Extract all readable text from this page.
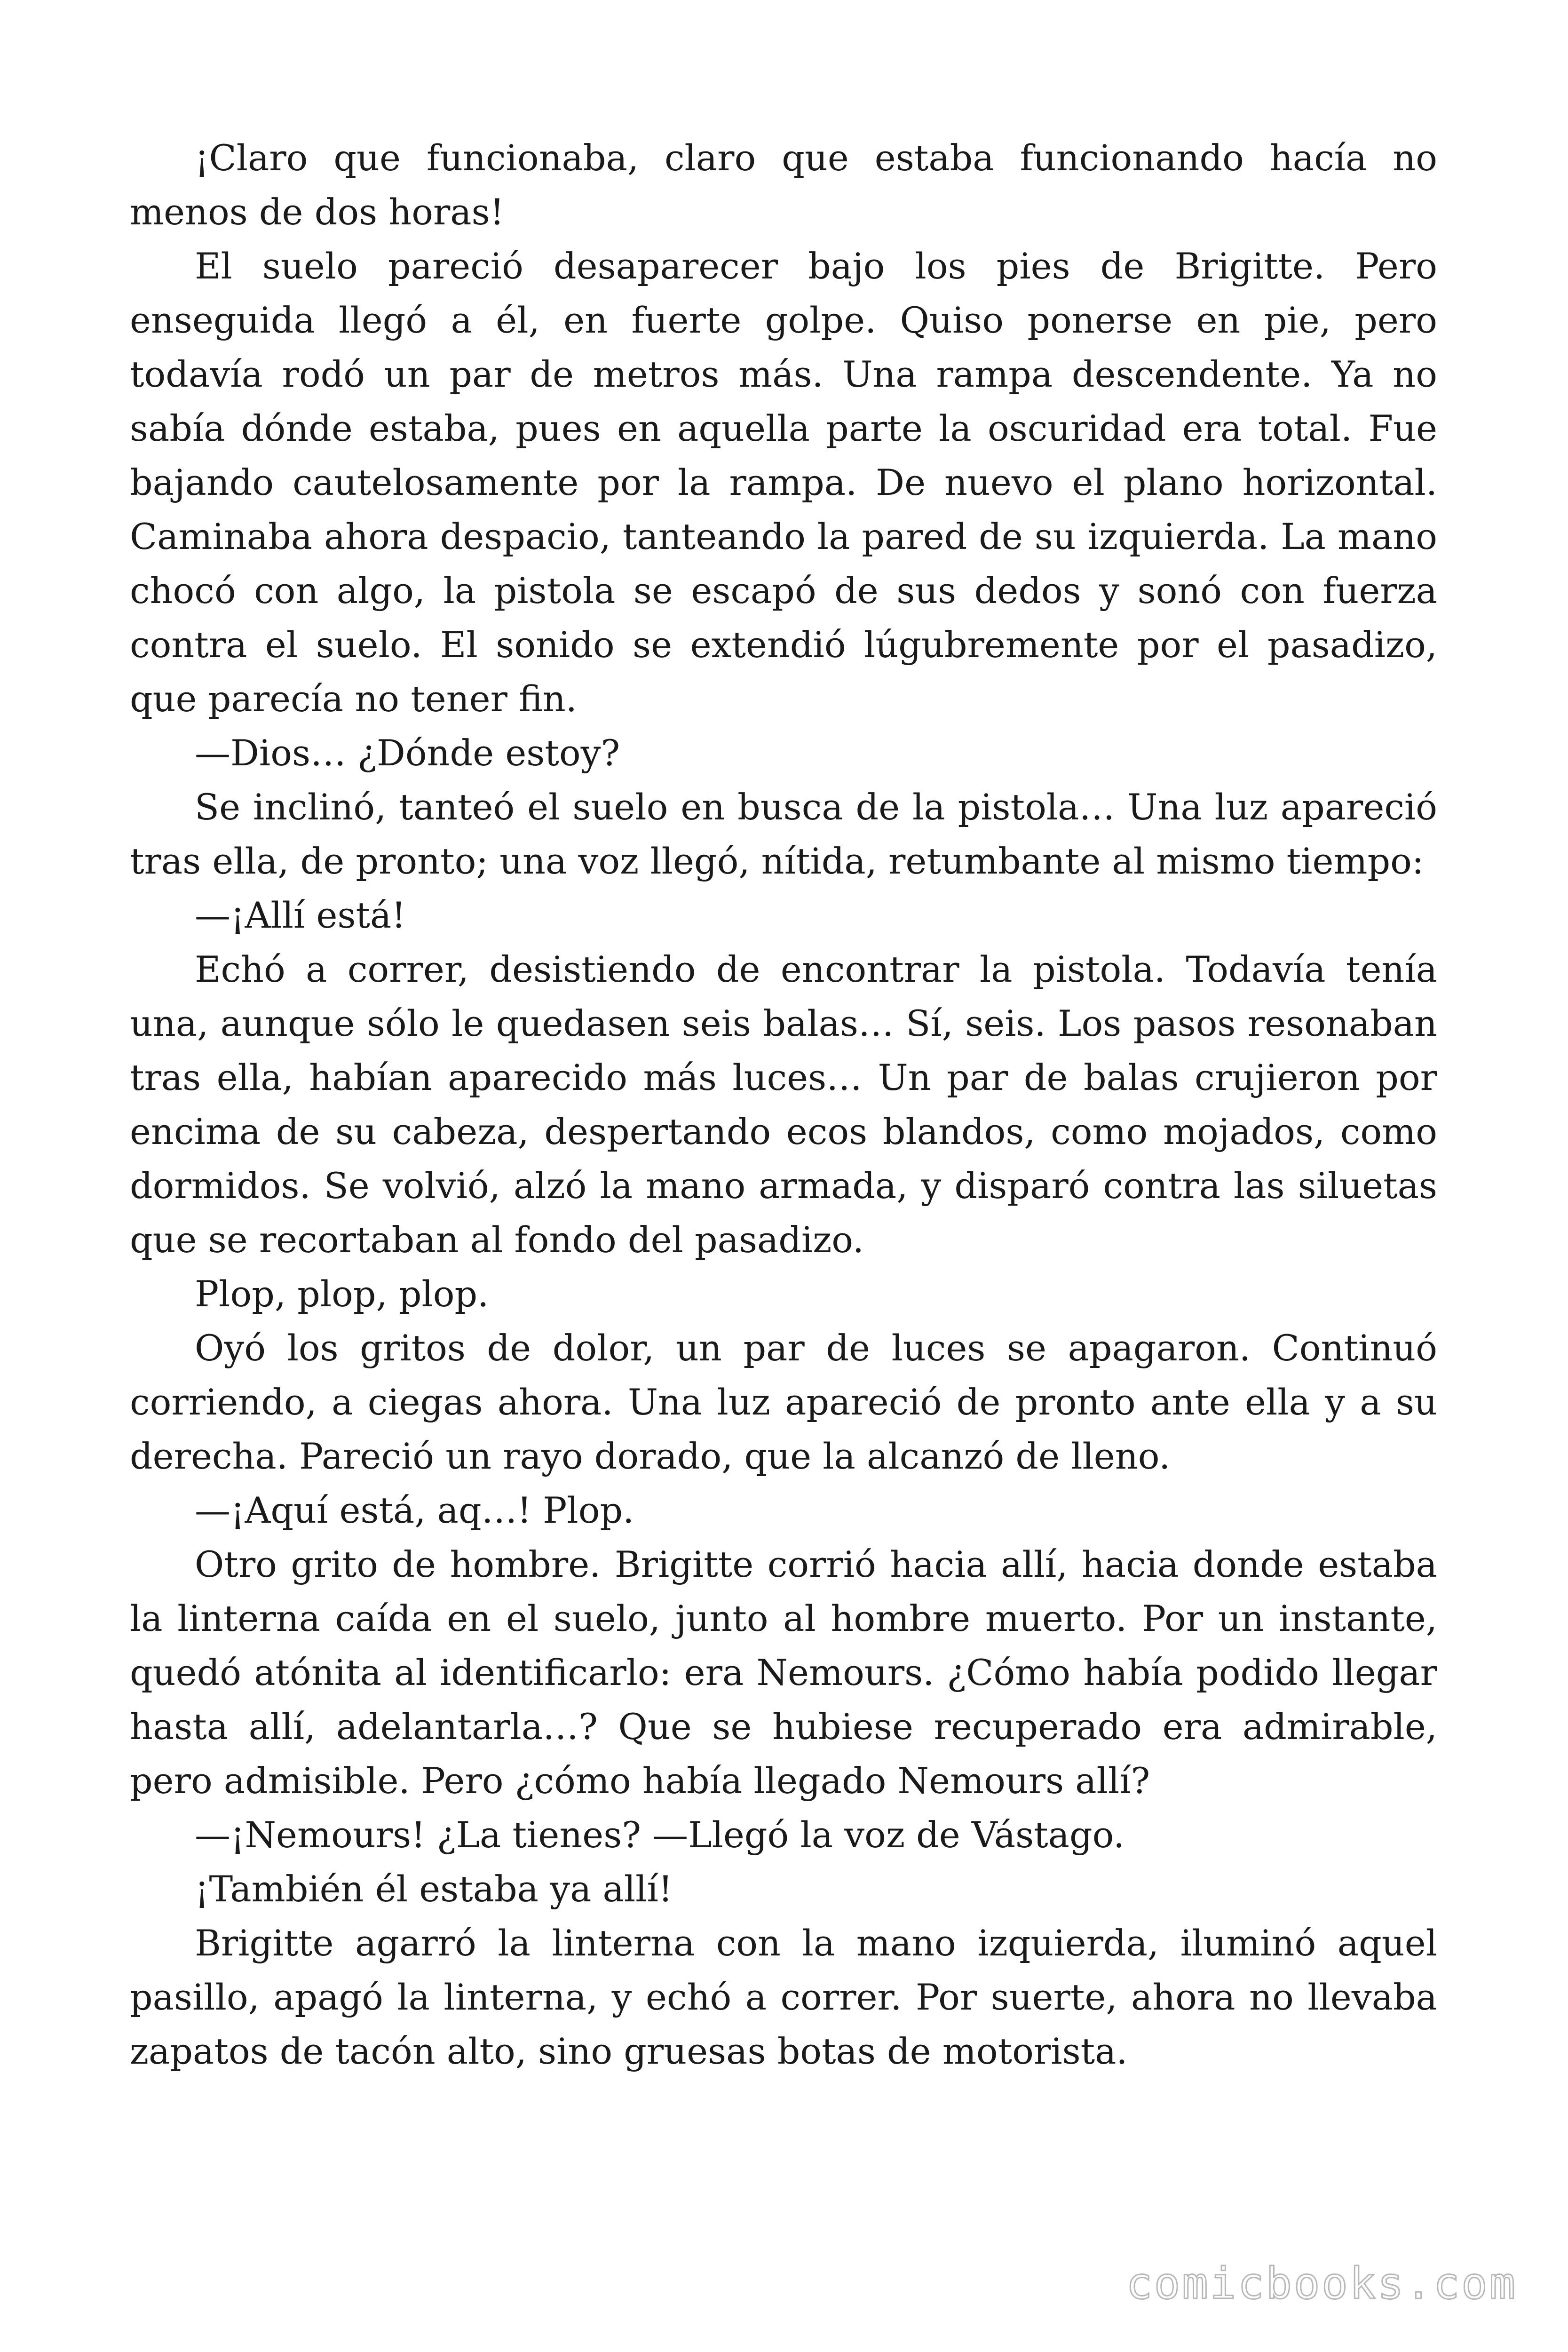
¡Claro que funcionaba, claro que estaba funcionando hacía no menos de dos horas!

El suelo pareció desaparecer bajo los pies de Brigitte. Pero enseguida llegó a él, en fuerte golpe. Quiso ponerse en pie, pero todavía rodó un par de metros más. Una rampa descendente. Ya no sabía dónde estaba, pues en aquella parte la oscuridad era total. Fue bajando cautelosamente por la rampa. De nuevo el plano horizontal. Caminaba ahora despacio, tanteando la pared de su izquierda. La mano chocó con algo, la pistola se escapó de sus dedos y sonó con fuerza contra el suelo. El sonido se extendió lúgubremente por el pasadizo, que parecía no tener fin.

—Dios… ¿Dónde estoy?

Se inclinó, tanteó el suelo en busca de la pistola… Una luz apareció tras ella, de pronto; una voz llegó, nítida, retumbante al mismo tiempo:

—¡Allí está!

Echó a correr, desistiendo de encontrar la pistola. Todavía tenía una, aunque sólo le quedasen seis balas… Sí, seis. Los pasos resonaban tras ella, habían aparecido más luces… Un par de balas crujieron por encima de su cabeza, despertando ecos blandos, como mojados, como dormidos. Se volvió, alzó la mano armada, y disparó contra las siluetas que se recortaban al fondo del pasadizo.

Plop, plop, plop.

Oyó los gritos de dolor, un par de luces se apagaron. Continuó corriendo, a ciegas ahora. Una luz apareció de pronto ante ella y a su derecha. Pareció un rayo dorado, que la alcanzó de lleno.

—¡Aquí está, aq…! Plop.

Otro grito de hombre. Brigitte corrió hacia allí, hacia donde estaba la linterna caída en el suelo, junto al hombre muerto. Por un instante, quedó atónita al identificarlo: era Nemours. ¿Cómo había podido llegar hasta allí, adelantarla…? Que se hubiese recuperado era admirable, pero admisible. Pero ¿cómo había llegado Nemours allí?

—¡Nemours! ¿La tienes? —Llegó la voz de Vástago.

¡También él estaba ya allí!

Brigitte agarró la linterna con la mano izquierda, iluminó aquel pasillo, apagó la linterna, y echó a correr. Por suerte, ahora no llevaba zapatos de tacón alto, sino gruesas botas de motorista.

comicbooks.com
